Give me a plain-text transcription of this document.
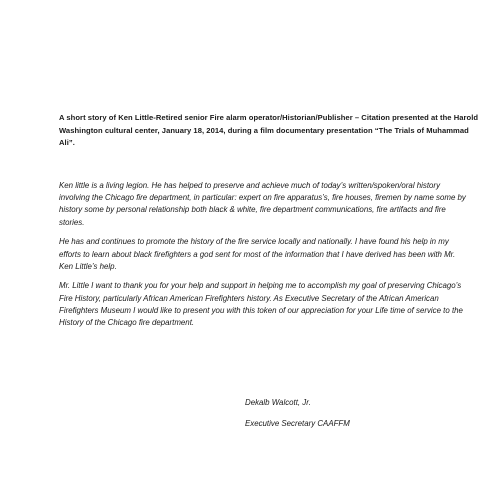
A short story of Ken Little-Retired senior Fire alarm operator/Historian/Publisher – Citation presented at the Harold Washington cultural center, January 18, 2014, during a film documentary presentation “The Trials of Muhammad Ali”.

Ken little is a living legion. He has helped to preserve and achieve much of today’s written/spoken/oral history involving the Chicago fire department, in particular: expert on fire apparatus’s, fire houses, firemen by name some by history some by personal relationship both black & white, fire department communications, fire artifacts and fire stories.

He has and continues to promote the history of the fire service locally and nationally. I have found his help in my efforts to learn about black firefighters a god sent for most of the information that I have derived has been with Mr. Ken Little’s help.

Mr. Little I want to thank you for your help and support in helping me to accomplish my goal of preserving Chicago’s Fire History, particularly African American Firefighters history. As Executive Secretary of the African American Firefighters Museum I would like to present you with this token of our appreciation for your Life time of service to the History of the Chicago fire department.

Dekalb Walcott, Jr.
Executive Secretary CAAFFM
